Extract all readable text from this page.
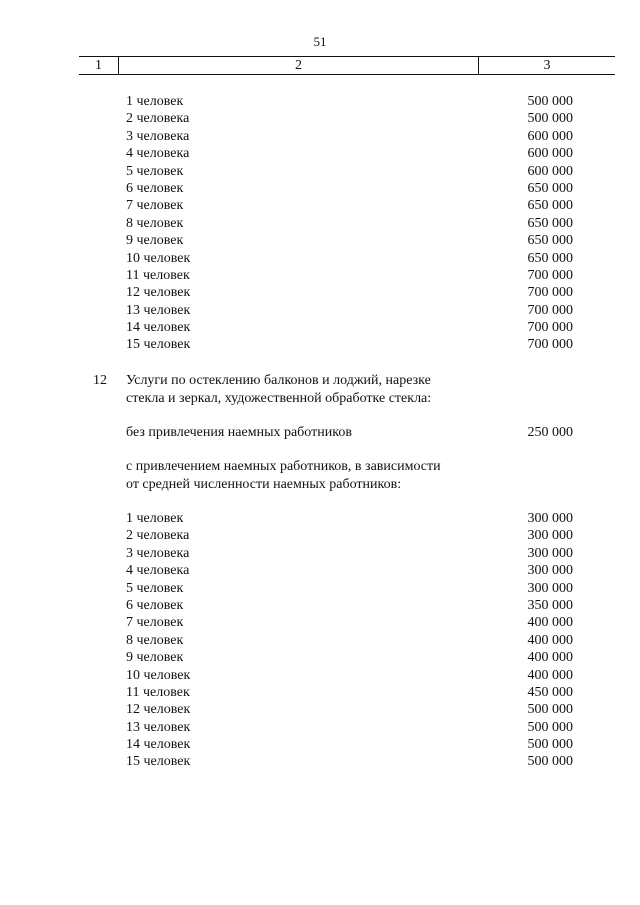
51
1	2	3
1 человек	500 000
2 человека	500 000
3 человека	600 000
4 человека	600 000
5 человек	600 000
6 человек	650 000
7 человек	650 000
8 человек	650 000
9 человек	650 000
10 человек	650 000
11 человек	700 000
12 человек	700 000
13 человек	700 000
14 человек	700 000
15 человек	700 000
12 Услуги по остеклению балконов и лоджий, нарезке
стекла и зеркал, художественной обработке стекла:
без привлечения наемных работников	250 000
с привлечением наемных работников, в зависимости
от средней численности наемных работников:
1 человек	300 000
2 человека	300 000
3 человека	300 000
4 человека	300 000
5 человек	300 000
6 человек	350 000
7 человек	400 000
8 человек	400 000
9 человек	400 000
10 человек	400 000
11 человек	450 000
12 человек	500 000
13 человек	500 000
14 человек	500 000
15 человек	500 000
